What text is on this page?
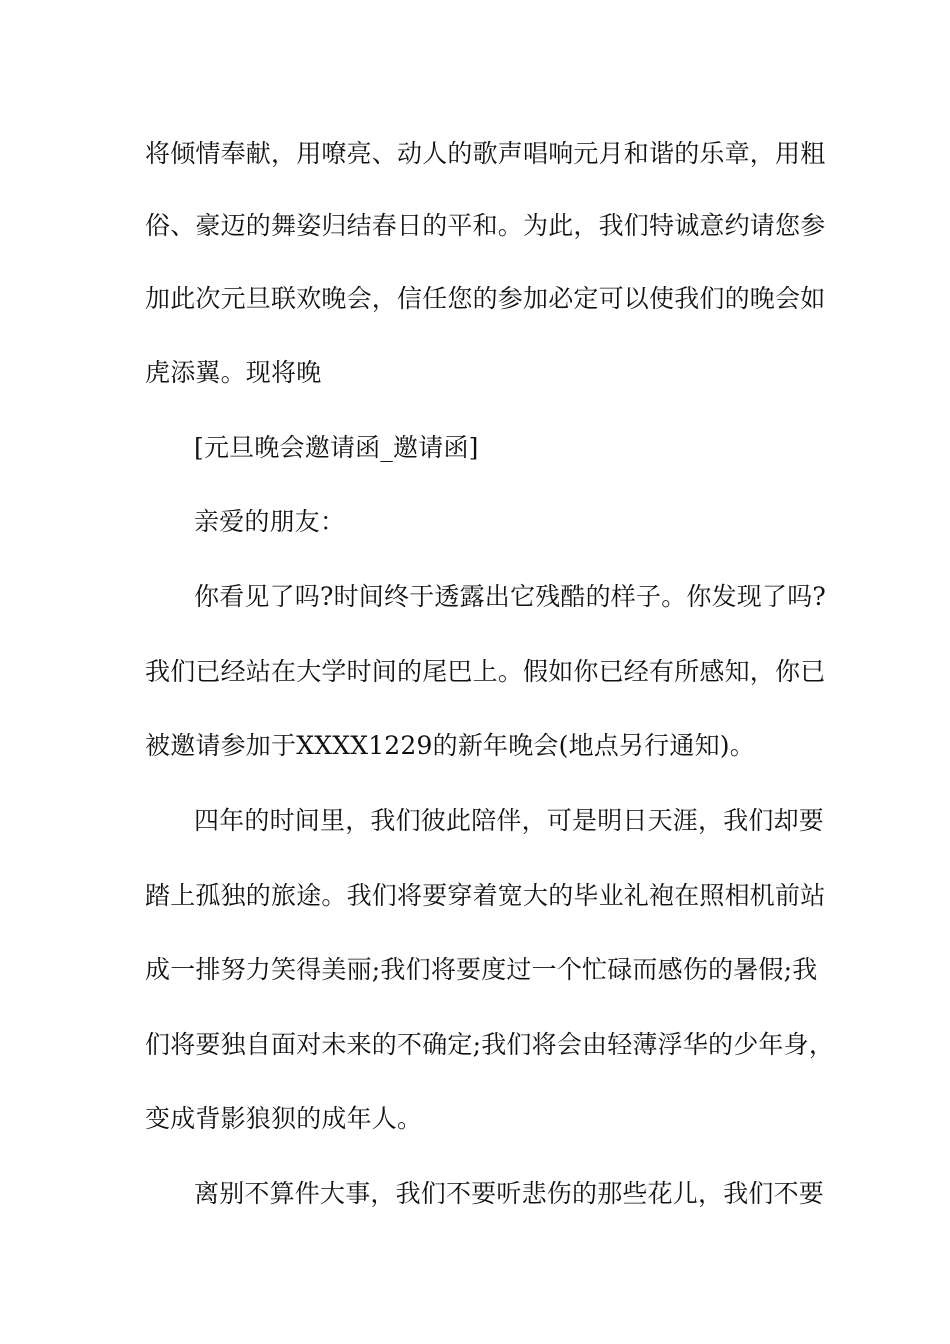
将倾情奉献，用嘹亮、动人的歌声唱响元月和谐的乐章，用粗
俗、豪迈的舞姿归结春日的平和。为此，我们特诚意约请您参
加此次元旦联欢晚会，信任您的参加必定可以使我们的晚会如
虎添翼。现将晚
[元旦晚会邀请函_邀请函]
亲爱的朋友：
你看见了吗?时间终于透露出它残酷的样子。你发现了吗?
我们已经站在大学时间的尾巴上。假如你已经有所感知，你已
被邀请参加于XXXX1229的新年晚会(地点另行通知)。
四年的时间里，我们彼此陪伴，可是明日天涯，我们却要
踏上孤独的旅途。我们将要穿着宽大的毕业礼袍在照相机前站
成一排努力笑得美丽;我们将要度过一个忙碌而感伤的暑假;我
们将要独自面对未来的不确定;我们将会由轻薄浮华的少年身，
变成背影狼狈的成年人。
离别不算件大事，我们不要听悲伤的那些花儿，我们不要
